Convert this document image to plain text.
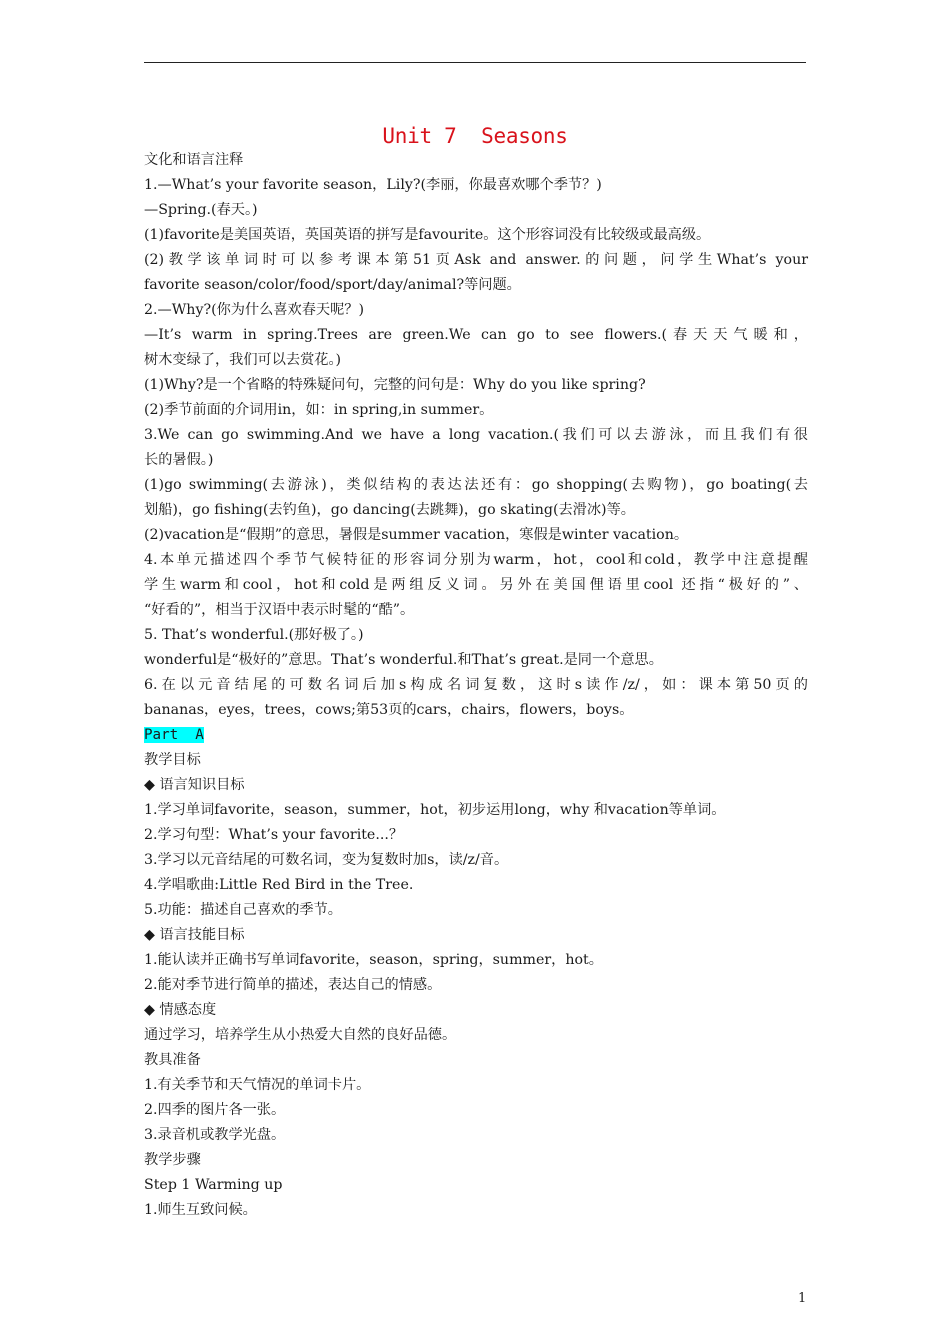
Unit 7  Seasons
文化和语言注释
1.—What’s your favorite season，Lily?(李丽，你最喜欢哪个季节？)
—Spring.(春天。)
(1)favorite是美国英语，英国英语的拼写是favourite。这个形容词没有比较级或最高级。
(2)教学该单词时可以参考课本第51页Ask and answer.的问题，问学生What’s your
favorite season/color/food/sport/day/animal?等问题。
2.—Why?(你为什么喜欢春天呢？)
—It’s warm in spring.Trees are green.We can go to see flowers.(春天天气暖和，
树木变绿了，我们可以去赏花。)
(1)Why?是一个省略的特殊疑问句，完整的问句是：Why do you like spring?
(2)季节前面的介词用in，如：in spring,in summer。
3.We can go swimming.And we have a long vacation.(我们可以去游泳，而且我们有很
长的暑假。)
(1)go swimming(去游泳)，类似结构的表达法还有：go shopping(去购物)，go boating(去
划船)，go fishing(去钓鱼)，go dancing(去跳舞)，go skating(去滑冰)等。
(2)vacation是“假期”的意思，暑假是summer vacation，寒假是winter vacation。
4.本单元描述四个季节气候特征的形容词分别为warm，hot，cool和cold，教学中注意提醒
学生warm和cool，hot和cold是两组反义词。另外在美国俚语里cool 还指“极好的”、
“好看的”，相当于汉语中表示时髦的“酷”。
5. That’s wonderful.(那好极了。)
wonderful是“极好的”意思。That’s wonderful.和That’s great.是同一个意思。
6.在以元音结尾的可数名词后加s构成名词复数，这时s读作/z/，如：课本第50页的
bananas，eyes，trees，cows;第53页的cars，chairs，flowers，boys。
Part  A
教学目标
◆ 语言知识目标
1.学习单词favorite，season，summer，hot，初步运用long，why 和vacation等单词。
2.学习句型：What’s your favorite...？
3.学习以元音结尾的可数名词，变为复数时加s，读/z/音。
4.学唱歌曲:Little Red Bird in the Tree.
5.功能：描述自己喜欢的季节。
◆ 语言技能目标
1.能认读并正确书写单词favorite，season，spring，summer，hot。
2.能对季节进行简单的描述，表达自己的情感。
◆ 情感态度
通过学习，培养学生从小热爱大自然的良好品德。
教具准备
1.有关季节和天气情况的单词卡片。
2.四季的图片各一张。
3.录音机或教学光盘。
教学步骤
Step 1 Warming up
1.师生互致问候。
1
